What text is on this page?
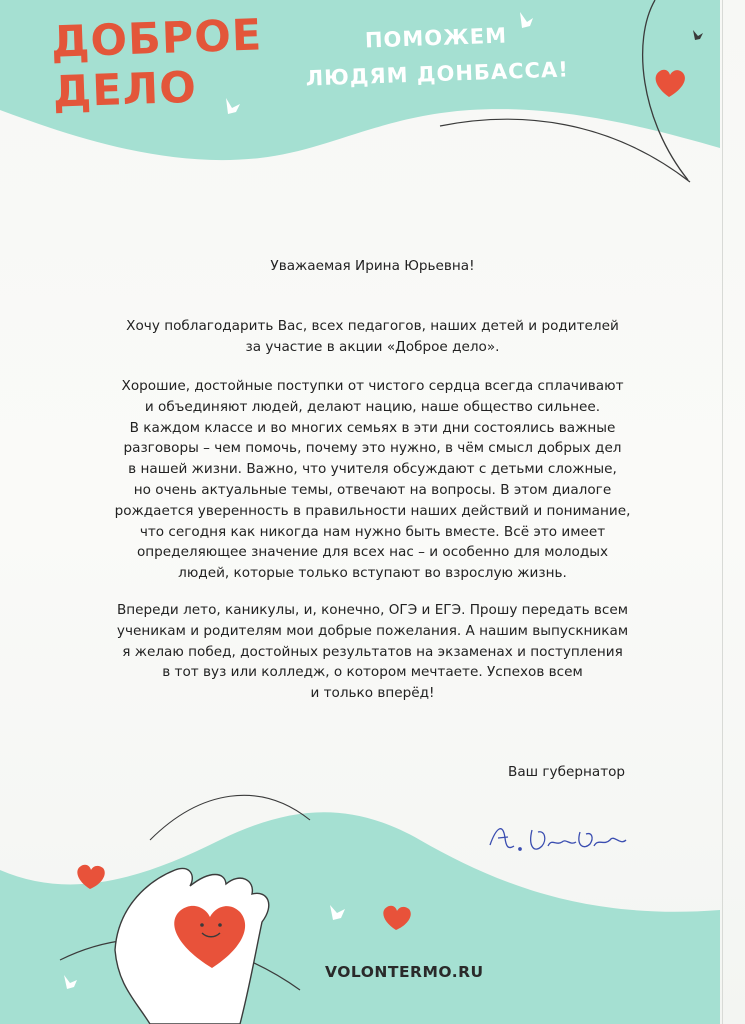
ДОБРОЕ
ДЕЛО
ПОМОЖЕМ
ЛЮДЯМ ДОНБАССА!
Уважаемая Ирина Юрьевна!
Хочу поблагодарить Вас, всех педагогов, наших детей и родителей
за участие в акции «Доброе дело».
Хорошие, достойные поступки от чистого сердца всегда сплачивают
и объединяют людей, делают нацию, наше общество сильнее.
В каждом классе и во многих семьях в эти дни состоялись важные
разговоры – чем помочь, почему это нужно, в чём смысл добрых дел
в нашей жизни. Важно, что учителя обсуждают с детьми сложные,
но очень актуальные темы, отвечают на вопросы. В этом диалоге
рождается уверенность в правильности наших действий и понимание,
что сегодня как никогда нам нужно быть вместе. Всё это имеет
определяющее значение для всех нас – и особенно для молодых
людей, которые только вступают во взрослую жизнь.
Впереди лето, каникулы, и, конечно, ОГЭ и ЕГЭ. Прошу передать всем
ученикам и родителям мои добрые пожелания. А нашим выпускникам
я желаю побед, достойных результатов на экзаменах и поступления
в тот вуз или колледж, о котором мечтаете. Успехов всем
и только вперёд!
Ваш губернатор
VOLONTERMO.RU
